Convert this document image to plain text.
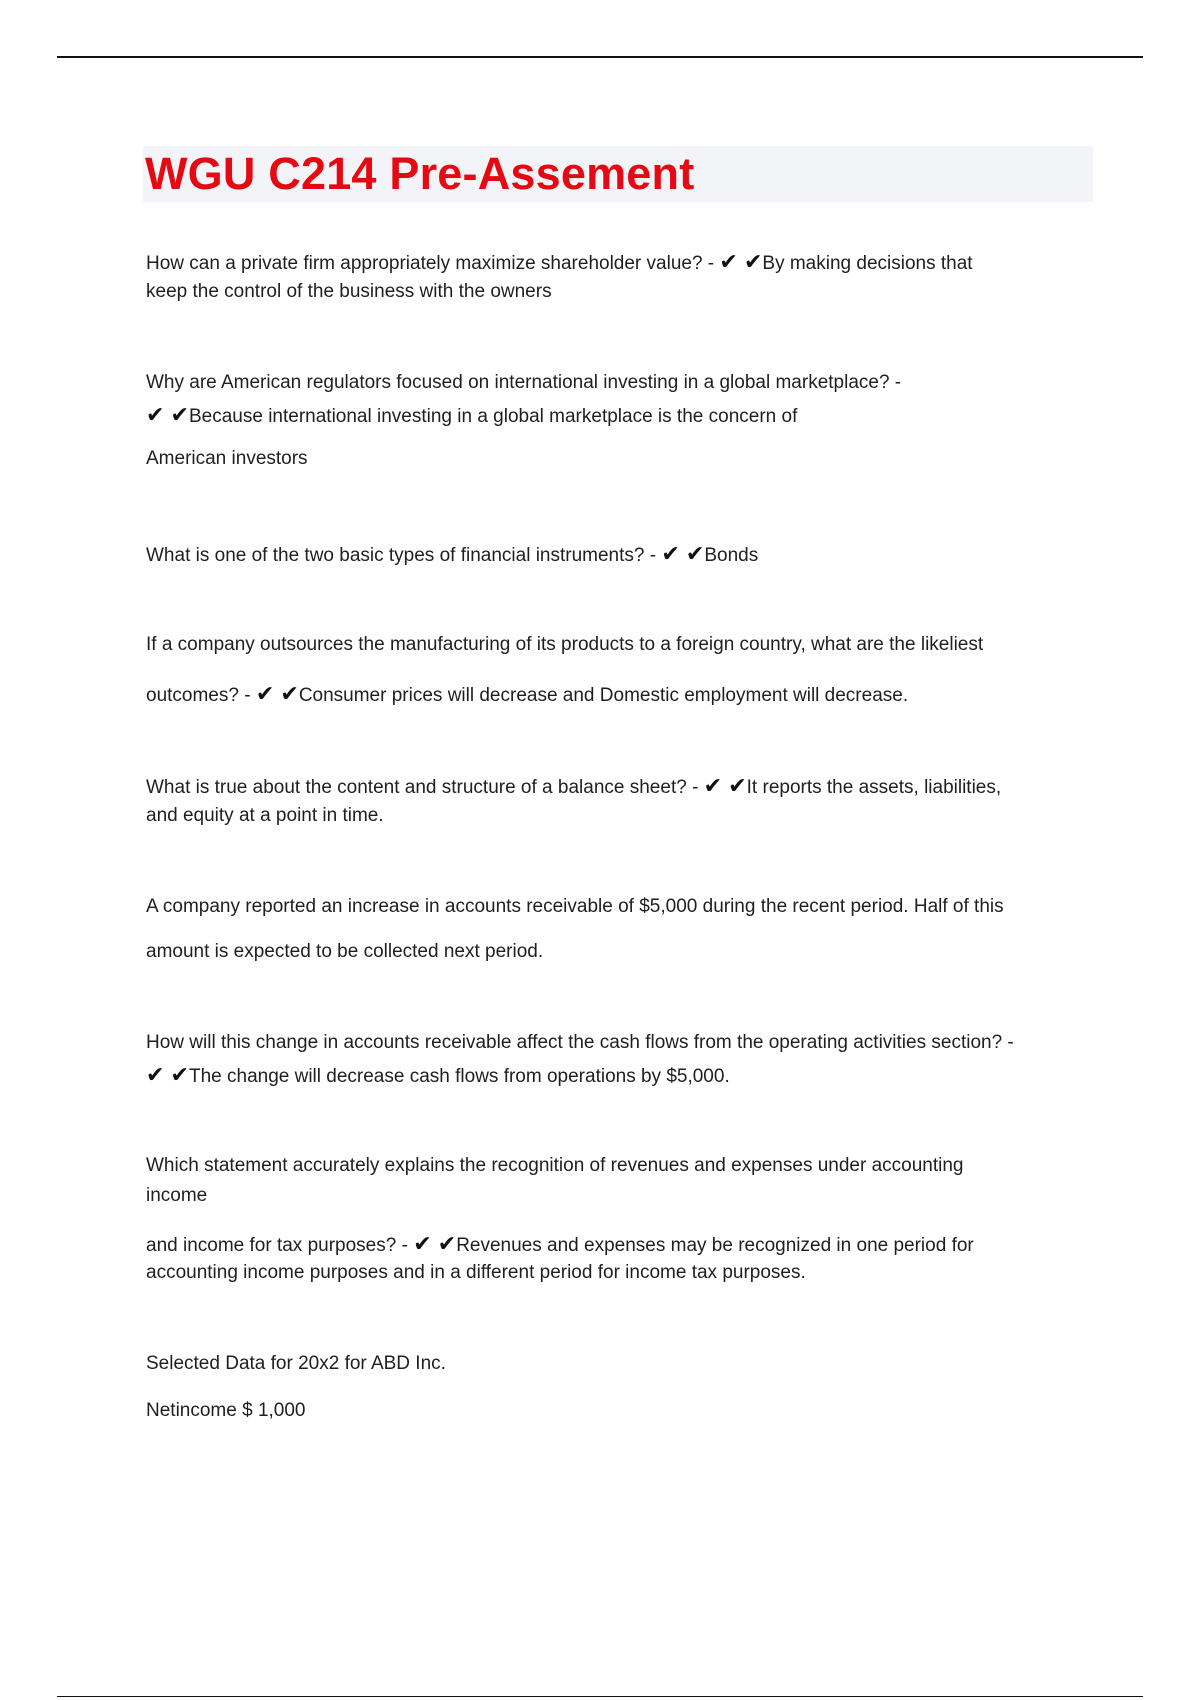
WGU C214 Pre-Assement

How can a private firm appropriately maximize shareholder value? - ✔ ✔By making decisions that

keep the control of the business with the owners

Why are American regulators focused on international investing in a global marketplace? -

✔ ✔Because international investing in a global marketplace is the concern of

American investors

What is one of the two basic types of financial instruments? - ✔ ✔Bonds

If a company outsources the manufacturing of its products to a foreign country, what are the likeliest

outcomes? - ✔ ✔Consumer prices will decrease and Domestic employment will decrease.

What is true about the content and structure of a balance sheet? - ✔ ✔It reports the assets, liabilities,

and equity at a point in time.

A company reported an increase in accounts receivable of $5,000 during the recent period. Half of this

amount is expected to be collected next period.

How will this change in accounts receivable affect the cash flows from the operating activities section? -

✔ ✔The change will decrease cash flows from operations by $5,000.

Which statement accurately explains the recognition of revenues and expenses under accounting

income

and income for tax purposes? - ✔ ✔Revenues and expenses may be recognized in one period for

accounting income purposes and in a different period for income tax purposes.

Selected Data for 20x2 for ABD Inc.

Netincome $ 1,000
